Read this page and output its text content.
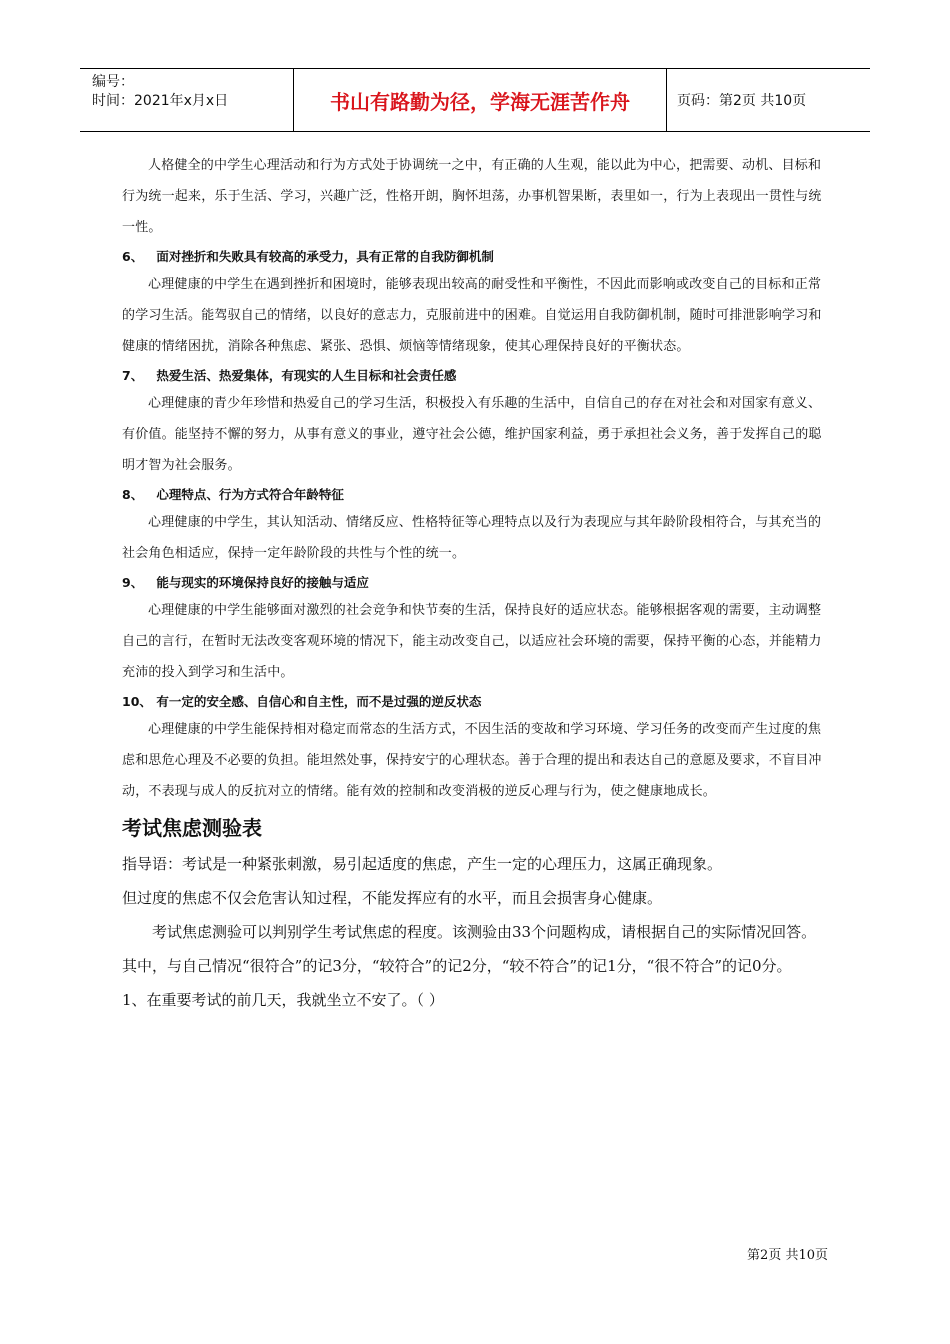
编号：
时间：2021年x月x日	书山有路勤为径，学海无涯苦作舟	页码：第2页 共10页

人格健全的中学生心理活动和行为方式处于协调统一之中，有正确的人生观，能以此为中心，把需要、动机、目标和行为统一起来，乐于生活、学习，兴趣广泛，性格开朗，胸怀坦荡，办事机智果断，表里如一，行为上表现出一贯性与统一性。

6、 面对挫折和失败具有较高的承受力，具有正常的自我防御机制

心理健康的中学生在遇到挫折和困境时，能够表现出较高的耐受性和平衡性，不因此而影响或改变自己的目标和正常的学习生活。能驾驭自己的情绪，以良好的意志力，克服前进中的困难。自觉运用自我防御机制，随时可排泄影响学习和健康的情绪困扰，消除各种焦虑、紧张、恐惧、烦恼等情绪现象，使其心理保持良好的平衡状态。

7、 热爱生活、热爱集体，有现实的人生目标和社会责任感

心理健康的青少年珍惜和热爱自己的学习生活，积极投入有乐趣的生活中，自信自己的存在对社会和对国家有意义、有价值。能坚持不懈的努力，从事有意义的事业，遵守社会公德，维护国家利益，勇于承担社会义务，善于发挥自己的聪明才智为社会服务。

8、 心理特点、行为方式符合年龄特征

心理健康的中学生，其认知活动、情绪反应、性格特征等心理特点以及行为表现应与其年龄阶段相符合，与其充当的社会角色相适应，保持一定年龄阶段的共性与个性的统一。

9、 能与现实的环境保持良好的接触与适应

心理健康的中学生能够面对激烈的社会竞争和快节奏的生活，保持良好的适应状态。能够根据客观的需要，主动调整自己的言行，在暂时无法改变客观环境的情况下，能主动改变自己，以适应社会环境的需要，保持平衡的心态，并能精力充沛的投入到学习和生活中。

10、 有一定的安全感、自信心和自主性，而不是过强的逆反状态

心理健康的中学生能保持相对稳定而常态的生活方式，不因生活的变故和学习环境、学习任务的改变而产生过度的焦虑和思危心理及不必要的负担。能坦然处事，保持安宁的心理状态。善于合理的提出和表达自己的意愿及要求，不盲目冲动，不表现与成人的反抗对立的情绪。能有效的控制和改变消极的逆反心理与行为，使之健康地成长。

考试焦虑测验表

指导语：考试是一种紧张刺激，易引起适度的焦虑，产生一定的心理压力，这属正确现象。

但过度的焦虑不仅会危害认知过程，不能发挥应有的水平，而且会损害身心健康。

考试焦虑测验可以判别学生考试焦虑的程度。该测验由33个问题构成，请根据自己的实际情况回答。

其中，与自己情况“很符合”的记3分，“较符合”的记2分，“较不符合”的记1分，“很不符合”的记0分。

1、在重要考试的前几天，我就坐立不安了。（ ）

第2页 共10页
